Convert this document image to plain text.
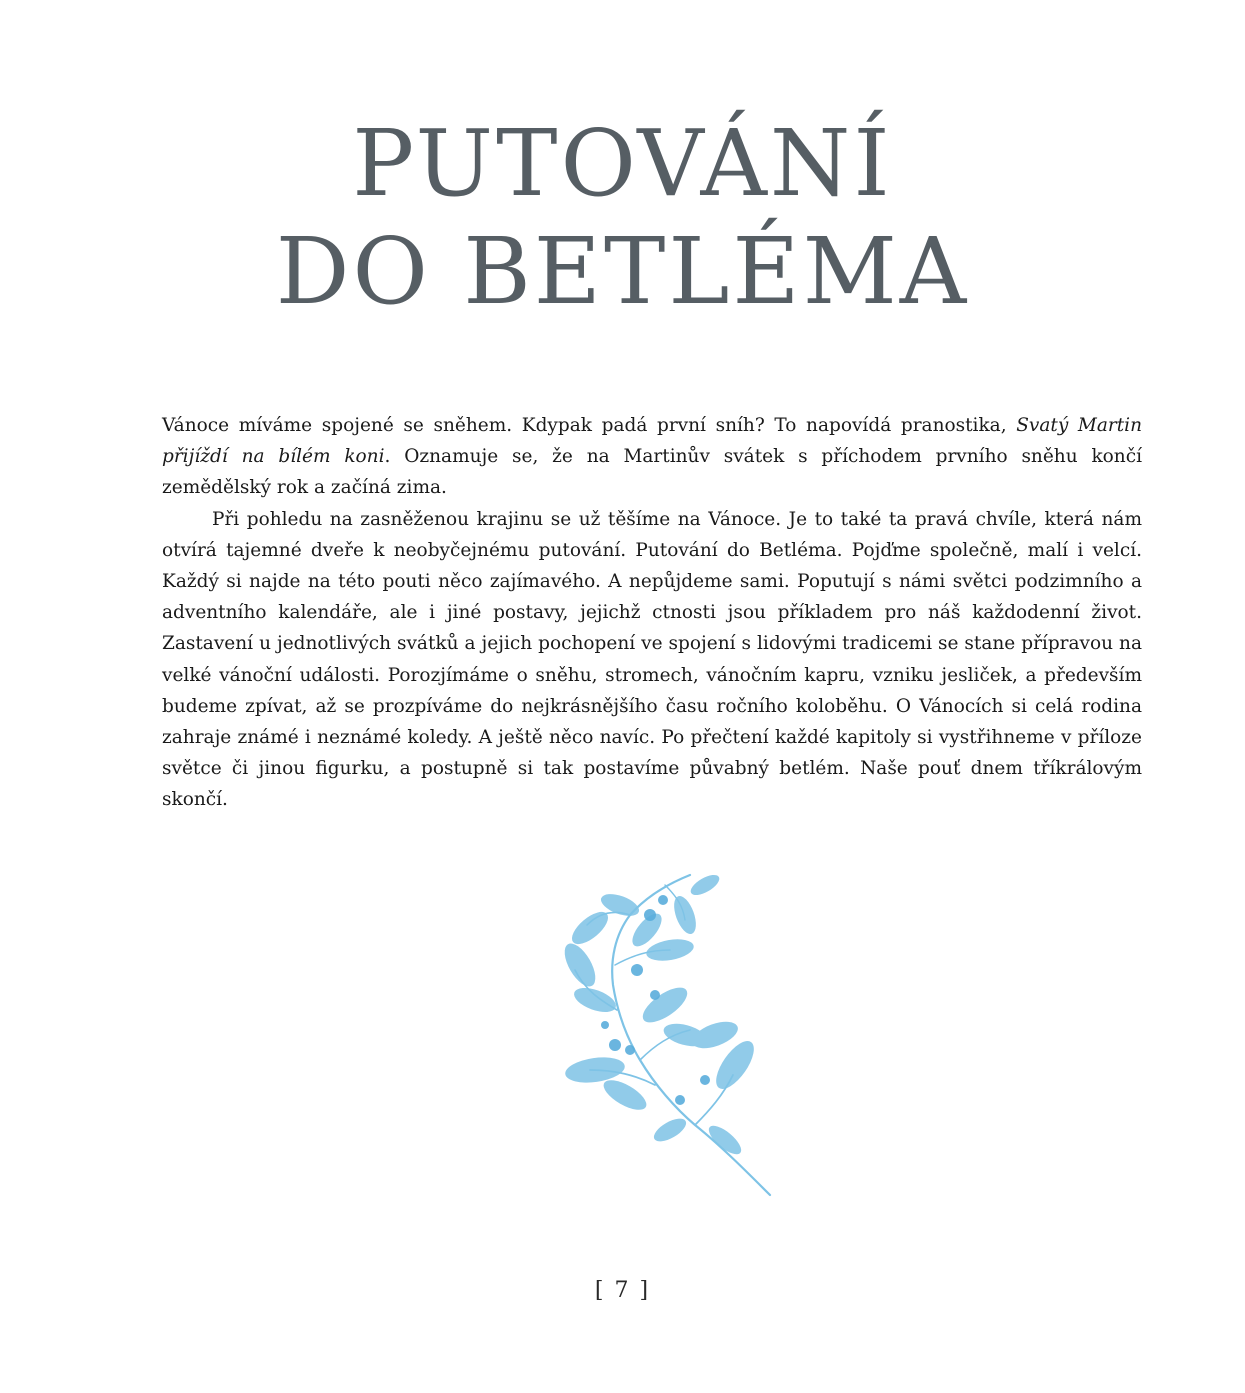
PUTOVÁNÍ
DO BETLÉMA

Vánoce míváme spojené se sněhem. Kdypak padá první sníh? To napovídá pranostika, Svatý Martin přijíždí na bílém koni. Oznamuje se, že na Martinův svátek s příchodem prvního sněhu končí zemědělský rok a začíná zima.

Při pohledu na zasněženou krajinu se už těšíme na Vánoce. Je to také ta pravá chvíle, která nám otvírá tajemné dveře k neobyčejnému putování. Putování do Betléma. Pojďme společně, malí i velcí. Každý si najde na této pouti něco zajímavého. A nepůjdeme sami. Poputují s námi světci podzimního a adventního kalendáře, ale i jiné postavy, jejichž ctnosti jsou příkladem pro náš každodenní život. Zastavení u jednotlivých svátků a jejich pochopení ve spojení s lidovými tradicemi se stane přípravou na velké vánoční události. Porozjímáme o sněhu, stromech, vánočním kapru, vzniku jesliček, a především budeme zpívat, až se prozpíváme do nejkrásnějšího času ročního koloběhu. O Vánocích si celá rodina zahraje známé i neznámé koledy. A ještě něco navíc. Po přečtení každé kapitoly si vystřihneme v příloze světce či jinou figurku, a postupně si tak postavíme půvabný betlém. Naše pouť dnem tříkrálovým skončí.

[ 7 ]
